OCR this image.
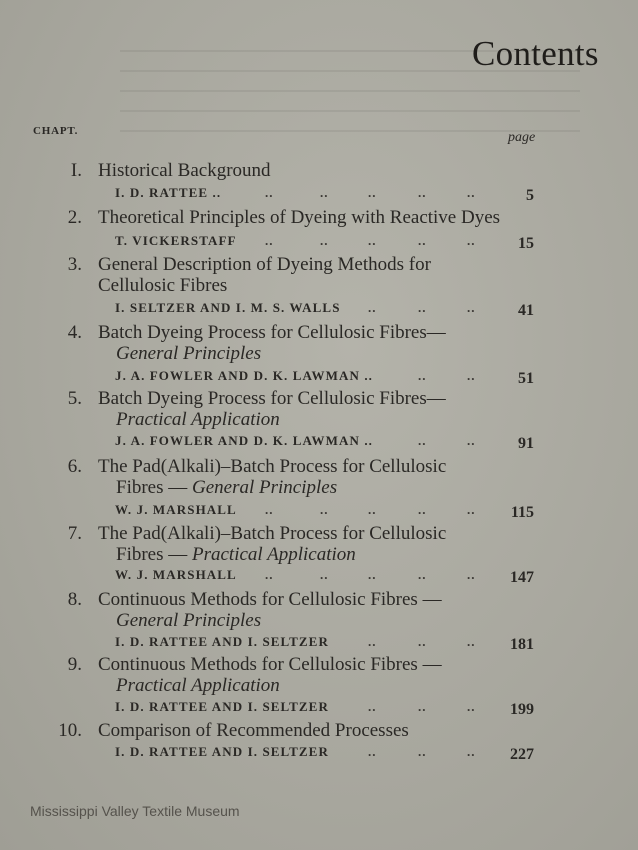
Contents
CHAPT.	page
I. Historical Background
I. D. RATTEE ..	..	..	..	..	..	5
2. Theoretical Principles of Dyeing with Reactive Dyes
T. VICKERSTAFF ..	..	..	..	..	15
3. General Description of Dyeing Methods for
Cellulosic Fibres
I. SELTZER AND I. M. S. WALLS ..	..	..	41
4. Batch Dyeing Process for Cellulosic Fibres—
General Principles
J. A. FOWLER AND D. K. LAWMAN ..	..	..	51
5. Batch Dyeing Process for Cellulosic Fibres—
Practical Application
J. A. FOWLER AND D. K. LAWMAN ..	..	..	91
6. The Pad(Alkali)–Batch Process for Cellulosic
Fibres — General Principles
W. J. MARSHALL ..	..	..	..	.. 115
7. The Pad(Alkali)–Batch Process for Cellulosic
Fibres — Practical Application
W. J. MARSHALL ..	..	..	..	.. 147
8. Continuous Methods for Cellulosic Fibres —
General Principles
I. D. RATTEE AND I. SELTZER	..	..	.. 181
9. Continuous Methods for Cellulosic Fibres —
Practical Application
I. D. RATTEE AND I. SELTZER	..	..	.. 199
10. Comparison of Recommended Processes
I. D. RATTEE AND I. SELTZER	..	..	.. 227
Mississippi Valley Textile Museum
